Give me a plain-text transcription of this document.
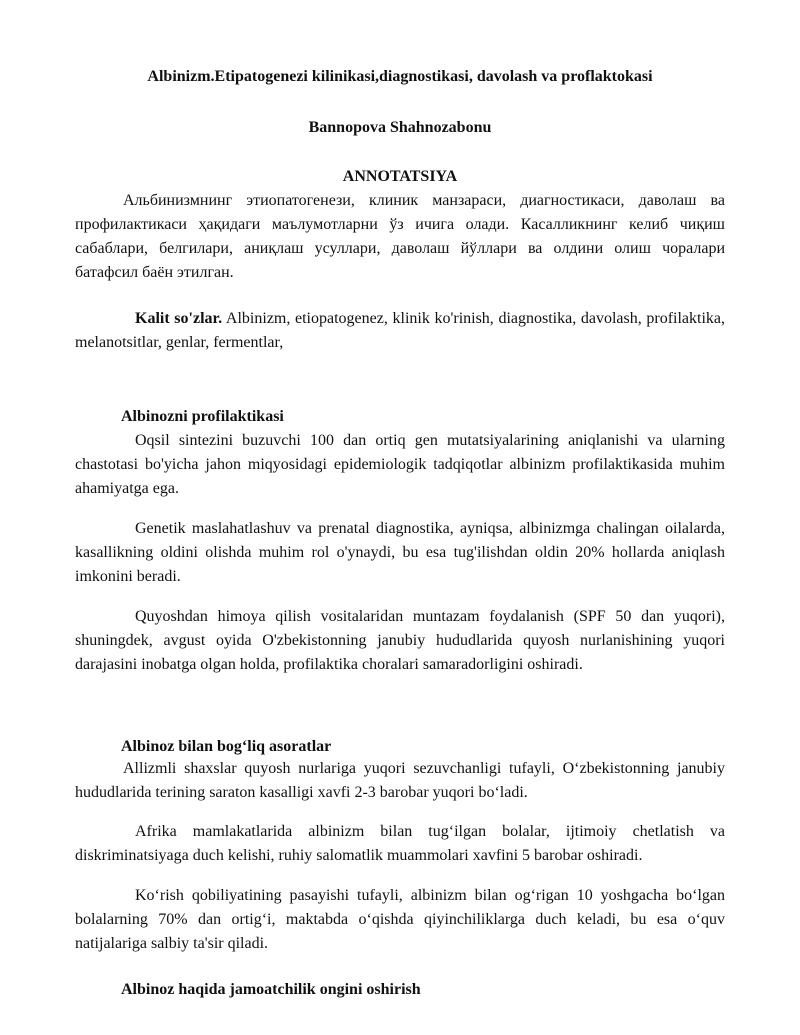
Albinizm.Etipatogenezi kilinikasi,diagnostikasi, davolash va proflaktokasi

Bannopova Shahnozabonu

ANNOTATSIYA

Альбинизмнинг этиопатогенези, клиник манзараси, диагностикаси, даволаш ва профилактикаси ҳақидаги маълумотларни ўз ичига олади. Касалликнинг келиб чиқиш сабаблари, белгилари, аниқлаш усуллари, даволаш йўллари ва олдини олиш чоралари батафсил баён этилган.

Kalit so'zlar. Albinizm, etiopatogenez, klinik ko'rinish, diagnostika, davolash, profilaktika, melanotsitlar, genlar, fermentlar,

Albinozni profilaktikasi

Oqsil sintezini buzuvchi 100 dan ortiq gen mutatsiyalarining aniqlanishi va ularning chastotasi bo'yicha jahon miqyosidagi epidemiologik tadqiqotlar albinizm profilaktikasida muhim ahamiyatga ega.

Genetik maslahatlashuv va prenatal diagnostika, ayniqsa, albinizmga chalingan oilalarda, kasallikning oldini olishda muhim rol o'ynaydi, bu esa tug'ilishdan oldin 20% hollarda aniqlash imkonini beradi.

Quyoshdan himoya qilish vositalaridan muntazam foydalanish (SPF 50 dan yuqori), shuningdek, avgust oyida O'zbekistonning janubiy hududlarida quyosh nurlanishining yuqori darajasini inobatga olgan holda, profilaktika choralari samaradorligini oshiradi.

Albinoz bilan bog‘liq asoratlar

Allizmli shaxslar quyosh nurlariga yuqori sezuvchanligi tufayli, O‘zbekistonning janubiy hududlarida terining saraton kasalligi xavfi 2-3 barobar yuqori bo‘ladi.

Afrika mamlakatlarida albinizm bilan tug‘ilgan bolalar, ijtimoiy chetlatish va diskriminatsiyaga duch kelishi, ruhiy salomatlik muammolari xavfini 5 barobar oshiradi.

Ko‘rish qobiliyatining pasayishi tufayli, albinizm bilan og‘rigan 10 yoshgacha bo‘lgan bolalarning 70% dan ortig‘i, maktabda o‘qishda qiyinchiliklarga duch keladi, bu esa o‘quv natijalariga salbiy ta'sir qiladi.

Albinoz haqida jamoatchilik ongini oshirish
